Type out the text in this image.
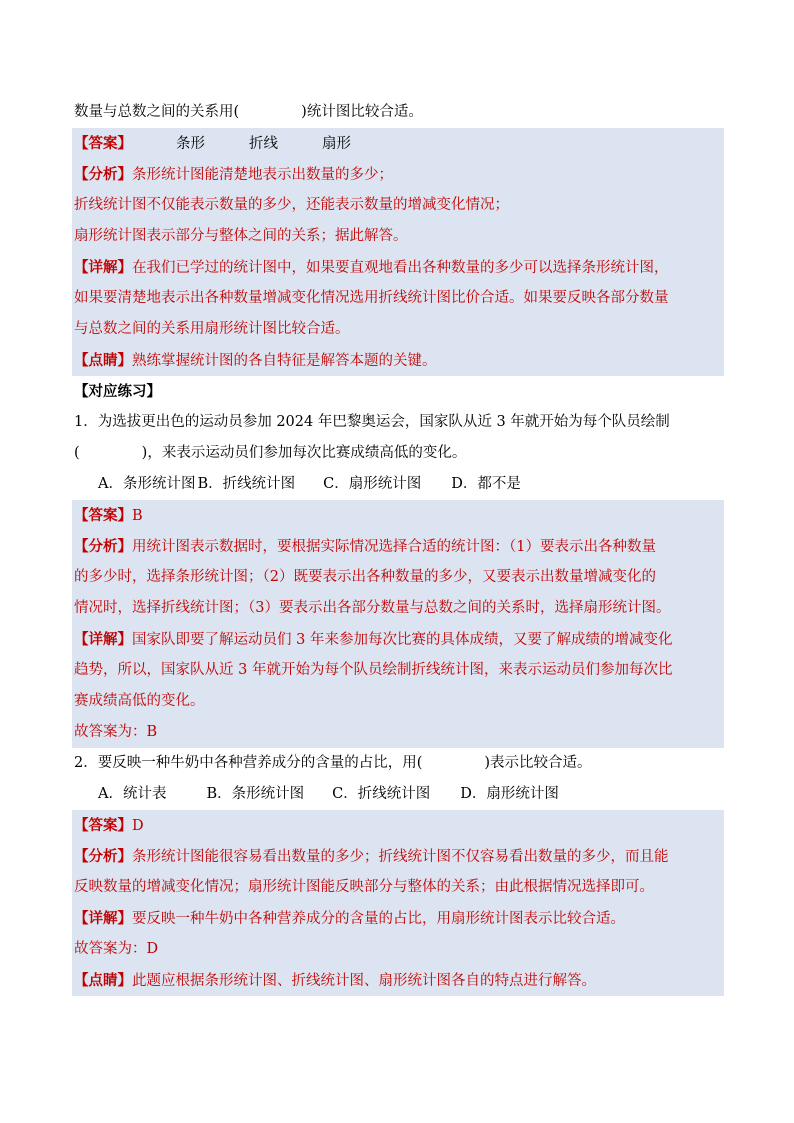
数量与总数之间的关系用(	)统计图比较合适。
【答案】	条形	折线	扇形
【分析】条形统计图能清楚地表示出数量的多少；
折线统计图不仅能表示数量的多少，还能表示数量的增减变化情况；
扇形统计图表示部分与整体之间的关系；据此解答。
【详解】在我们已学过的统计图中，如果要直观地看出各种数量的多少可以选择条形统计图，
如果要清楚地表示出各种数量增减变化情况选用折线统计图比价合适。如果要反映各部分数量
与总数之间的关系用扇形统计图比较合适。
【点睛】熟练掌握统计图的各自特征是解答本题的关键。
【对应练习】
1．为选拔更出色的运动员参加 2024 年巴黎奥运会，国家队从近 3 年就开始为每个队员绘制
(	)，来表示运动员们参加每次比赛成绩高低的变化。
A．条形统计图 B．折线统计图 C．扇形统计图 D．都不是
【答案】B
【分析】用统计图表示数据时，要根据实际情况选择合适的统计图：（1）要表示出各种数量
的多少时，选择条形统计图；（2）既要表示出各种数量的多少，又要表示出数量增减变化的
情况时，选择折线统计图；（3）要表示出各部分数量与总数之间的关系时，选择扇形统计图。
【详解】国家队即要了解运动员们 3 年来参加每次比赛的具体成绩，又要了解成绩的增减变化
趋势，所以，国家队从近 3 年就开始为每个队员绘制折线统计图，来表示运动员们参加每次比
赛成绩高低的变化。
故答案为：B
2．要反映一种牛奶中各种营养成分的含量的占比，用(	)表示比较合适。
A．统计表	B．条形统计图 C．折线统计图 D．扇形统计图
【答案】D
【分析】条形统计图能很容易看出数量的多少；折线统计图不仅容易看出数量的多少，而且能
反映数量的增减变化情况；扇形统计图能反映部分与整体的关系；由此根据情况选择即可。
【详解】要反映一种牛奶中各种营养成分的含量的占比，用扇形统计图表示比较合适。
故答案为：D
【点睛】此题应根据条形统计图、折线统计图、扇形统计图各自的特点进行解答。
